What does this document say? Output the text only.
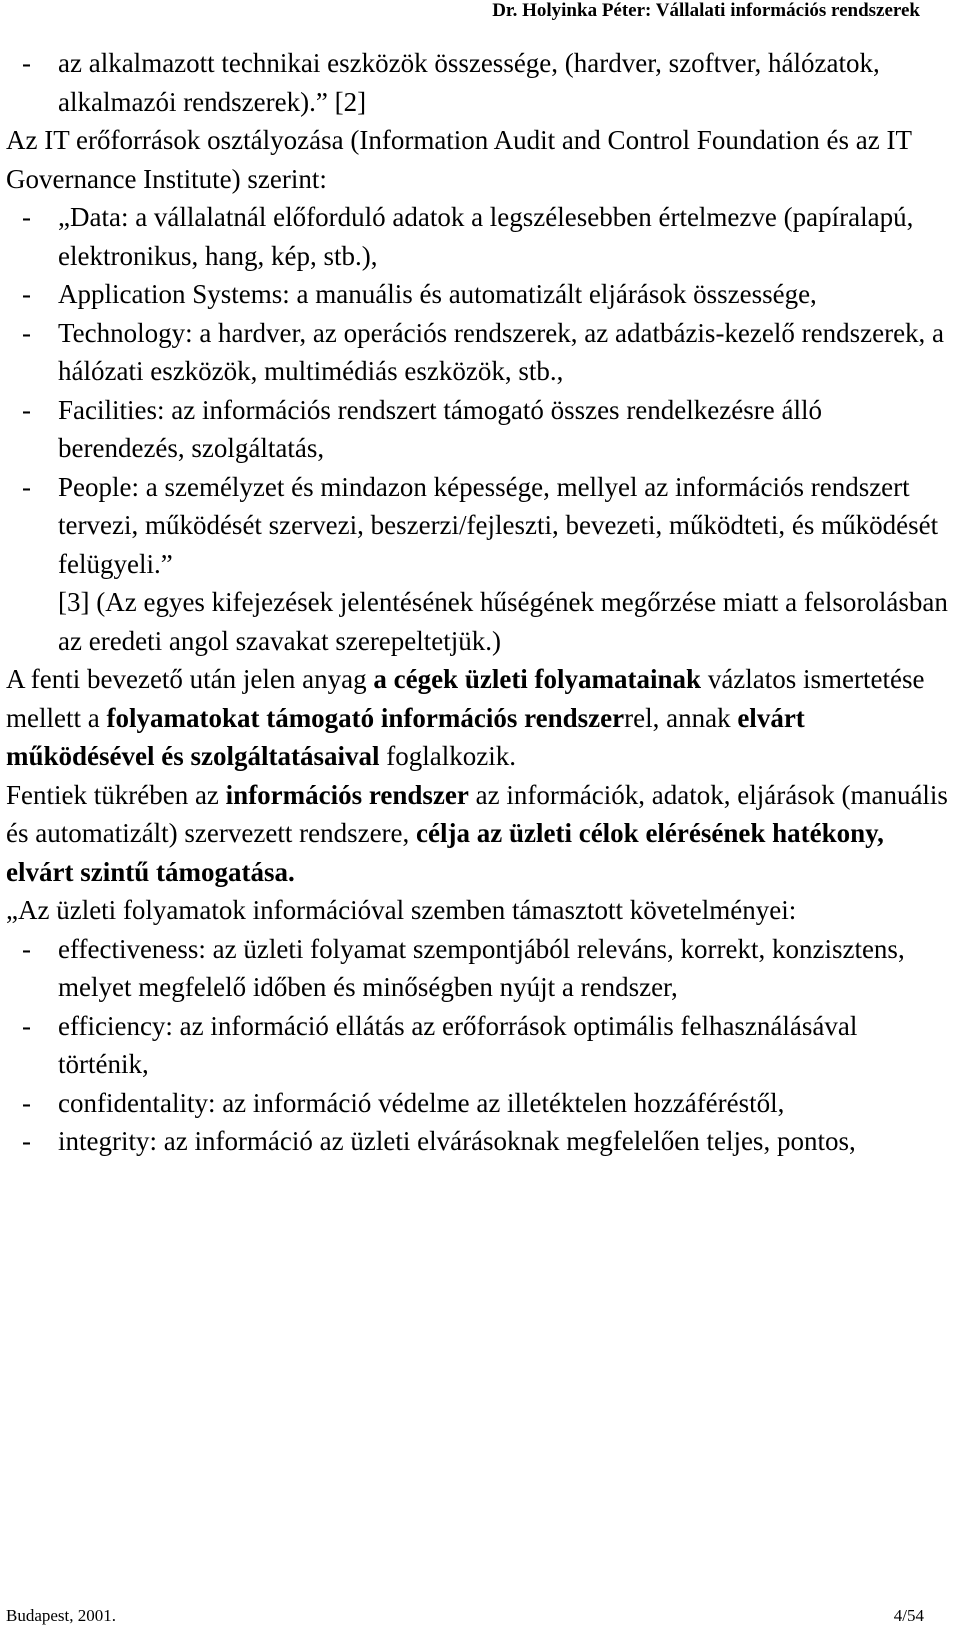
Dr. Holyinka Péter: Vállalati információs rendszerek
-	az alkalmazott technikai eszközök összessége, (hardver, szoftver, hálózatok, alkalmazói rendszerek).” [2]

Az IT erőforrások osztályozása (Information Audit and Control Foundation és az IT Governance Institute) szerint:

-	„Data: a vállalatnál előforduló adatok a legszélesebben értelmezve (papíralapú, elektronikus, hang, kép, stb.),
-	Application Systems: a manuális és automatizált eljárások összessége,
-	Technology: a hardver, az operációs rendszerek, az adatbázis-kezelő rendszerek, a hálózati eszközök, multimédiás eszközök, stb.,
-	Facilities: az információs rendszert támogató összes rendelkezésre álló berendezés, szolgáltatás,
-	People: a személyzet és mindazon képessége, mellyel az információs rendszert tervezi, működését szervezi, beszerzi/fejleszti, bevezeti, működteti, és működését felügyeli.”

[3] (Az egyes kifejezések jelentésének hűségének megőrzése miatt a felsorolásban az eredeti angol szavakat szerepeltetjük.)

A fenti bevezető után jelen anyag a cégek üzleti folyamatainak vázlatos ismertetése mellett a folyamatokat támogató információs rendszerrel, annak elvárt működésével és szolgáltatásaival foglalkozik.

Fentiek tükrében az információs rendszer az információk, adatok, eljárások (manuális és automatizált) szervezett rendszere, célja az üzleti célok elérésének hatékony, elvárt szintű támogatása.

„Az üzleti folyamatok információval szemben támasztott követelményei:

-	effectiveness: az üzleti folyamat szempontjából releváns, korrekt, konzisztens, melyet megfelelő időben és minőségben nyújt a rendszer,
-	efficiency: az információ ellátás az erőforrások optimális felhasználásával történik,
-	confidentality: az információ védelme az illetéktelen hozzáféréstől,
-	integrity: az információ az üzleti elvárásoknak megfelelően teljes, pontos,
Budapest, 2001.	4/54
